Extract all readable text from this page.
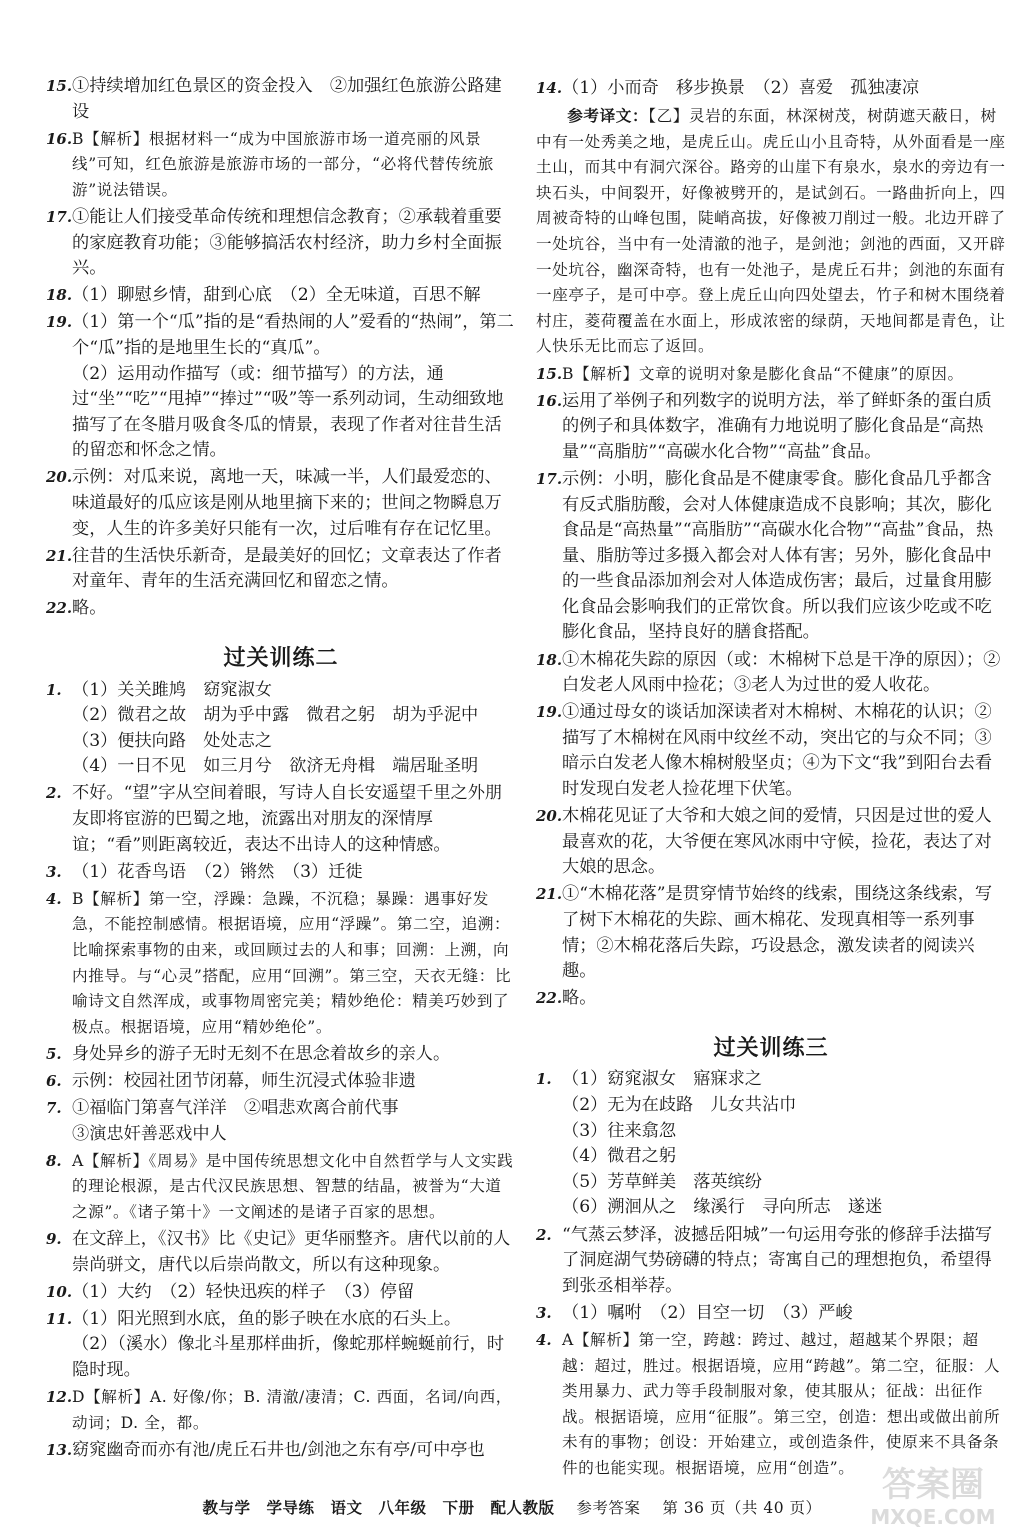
15. ①持续增加红色景区的资金投入　②加强红色旅游公路建设
16. B【解析】根据材料一“成为中国旅游市场一道亮丽的风景线”可知，红色旅游是旅游市场的一部分，“必将代替传统旅游”说法错误。
17. ①能让人们接受革命传统和理想信念教育；②承载着重要的家庭教育功能；③能够搞活农村经济，助力乡村全面振兴。
18. （1）聊慰乡情，甜到心底　（2）全无味道，百思不解
19. （1）第一个“瓜”指的是“看热闹的人”爱看的“热闹”，第二个“瓜”指的是地里生长的“真瓜”。
（2）运用动作描写（或：细节描写）的方法，通过“坐”“吃”“甩掉”“捧过”“吸”等一系列动词，生动细致地描写了在冬腊月吸食冬瓜的情景，表现了作者对往昔生活的留恋和怀念之情。
20. 示例：对瓜来说，离地一天，味减一半，人们最爱恋的、味道最好的瓜应该是刚从地里摘下来的；世间之物瞬息万变，人生的许多美好只能有一次，过后唯有存在记忆里。
21. 往昔的生活快乐新奇，是最美好的回忆；文章表达了作者对童年、青年的生活充满回忆和留恋之情。
22. 略。
过关训练二
1. （1）关关雎鸠　窈窕淑女
（2）微君之故　胡为乎中露　微君之躬　胡为乎泥中
（3）便扶向路　处处志之
（4）一日不见　如三月兮　欲济无舟楫　端居耻圣明
2. 不好。“望”字从空间着眼，写诗人自长安遥望千里之外朋友即将宦游的巴蜀之地，流露出对朋友的深情厚谊；“看”则距离较近，表达不出诗人的这种情感。
3. （1）花香鸟语　（2）锵然　（3）迁徙
4. B【解析】第一空，浮躁：急躁，不沉稳；暴躁：遇事好发急，不能控制感情。根据语境，应用“浮躁”。第二空，追溯：比喻探索事物的由来，或回顾过去的人和事；回溯：上溯，向内推导。与“心灵”搭配，应用“回溯”。第三空，天衣无缝：比喻诗文自然浑成，或事物周密完美；精妙绝伦：精美巧妙到了极点。根据语境，应用“精妙绝伦”。
5. 身处异乡的游子无时无刻不在思念着故乡的亲人。
6. 示例：校园社团节闭幕，师生沉浸式体验非遗
7. ①福临门第喜气洋洋　②唱悲欢离合前代事
③演忠奸善恶戏中人
8. A【解析】《周易》是中国传统思想文化中自然哲学与人文实践的理论根源，是古代汉民族思想、智慧的结晶，被誉为“大道之源”。《诸子第十》一文阐述的是诸子百家的思想。
9. 在文辞上，《汉书》比《史记》更华丽整齐。唐代以前的人崇尚骈文，唐代以后崇尚散文，所以有这种现象。
10. （1）大约　（2）轻快迅疾的样子　（3）停留
11. （1）阳光照到水底，鱼的影子映在水底的石头上。
（2）（溪水）像北斗星那样曲折，像蛇那样蜿蜒前行，时隐时现。
12. D【解析】A. 好像/你；B. 清澈/凄清；C. 西面，名词/向西，动词；D. 全，都。
13. 窈窕幽奇而亦有池/虎丘石井也/剑池之东有亭/可中亭也
14. （1）小而奇　移步换景　（2）喜爱　孤独凄凉
参考译文：【乙】灵岩的东面，林深树茂，树荫遮天蔽日，树中有一处秀美之地，是虎丘山。虎丘山小且奇特，从外面看是一座土山，而其中有洞穴深谷。路旁的山崖下有泉水，泉水的旁边有一块石头，中间裂开，好像被劈开的，是试剑石。一路曲折向上，四周被奇特的山峰包围，陡峭高拔，好像被刀削过一般。北边开辟了一处坑谷，当中有一处清澈的池子，是剑池；剑池的西面，又开辟一处坑谷，幽深奇特，也有一处池子，是虎丘石井；剑池的东面有一座亭子，是可中亭。登上虎丘山向四处望去，竹子和树木围绕着村庄，菱荷覆盖在水面上，形成浓密的绿荫，天地间都是青色，让人快乐无比而忘了返回。
15. B【解析】文章的说明对象是膨化食品“不健康”的原因。
16. 运用了举例子和列数字的说明方法，举了鲜虾条的蛋白质的例子和具体数字，准确有力地说明了膨化食品是“高热量”“高脂肪”“高碳水化合物”“高盐”食品。
17. 示例：小明，膨化食品是不健康零食。膨化食品几乎都含有反式脂肪酸，会对人体健康造成不良影响；其次，膨化食品是“高热量”“高脂肪”“高碳水化合物”“高盐”食品，热量、脂肪等过多摄入都会对人体有害；另外，膨化食品中的一些食品添加剂会对人体造成伤害；最后，过量食用膨化食品会影响我们的正常饮食。所以我们应该少吃或不吃膨化食品，坚持良好的膳食搭配。
18. ①木棉花失踪的原因（或：木棉树下总是干净的原因）；②白发老人风雨中捡花；③老人为过世的爱人收花。
19. ①通过母女的谈话加深读者对木棉树、木棉花的认识；②描写了木棉树在风雨中纹丝不动，突出它的与众不同；③暗示白发老人像木棉树般坚贞；④为下文“我”到阳台去看时发现白发老人捡花埋下伏笔。
20. 木棉花见证了大爷和大娘之间的爱情，只因是过世的爱人最喜欢的花，大爷便在寒风冰雨中守候，捡花，表达了对大娘的思念。
21. ①“木棉花落”是贯穿情节始终的线索，围绕这条线索，写了树下木棉花的失踪、画木棉花、发现真相等一系列事情；②木棉花落后失踪，巧设悬念，激发读者的阅读兴趣。
22. 略。
过关训练三
1. （1）窈窕淑女　寤寐求之
（2）无为在歧路　儿女共沾巾
（3）往来翕忽
（4）微君之躬
（5）芳草鲜美　落英缤纷
（6）溯洄从之　缘溪行　寻向所志　遂迷
2. “气蒸云梦泽，波撼岳阳城”一句运用夸张的修辞手法描写了洞庭湖气势磅礴的特点；寄寓自己的理想抱负，希望得到张丞相举荐。
3. （1）嘱咐　（2）目空一切　（3）严峻
4. A【解析】第一空，跨越：跨过、越过，超越某个界限；超越：超过，胜过。根据语境，应用“跨越”。第二空，征服：人类用暴力、武力等手段制服对象，使其服从；征战：出征作战。根据语境，应用“征服”。第三空，创造：想出或做出前所未有的事物；创设：开始建立，或创造条件，使原来不具备条件的也能实现。根据语境，应用“创造”。
教与学　学导练　语文　八年级　下册　配人教版 　 参考答案 　 第 36 页（共 40 页）
答案圈
MXQE.COM
